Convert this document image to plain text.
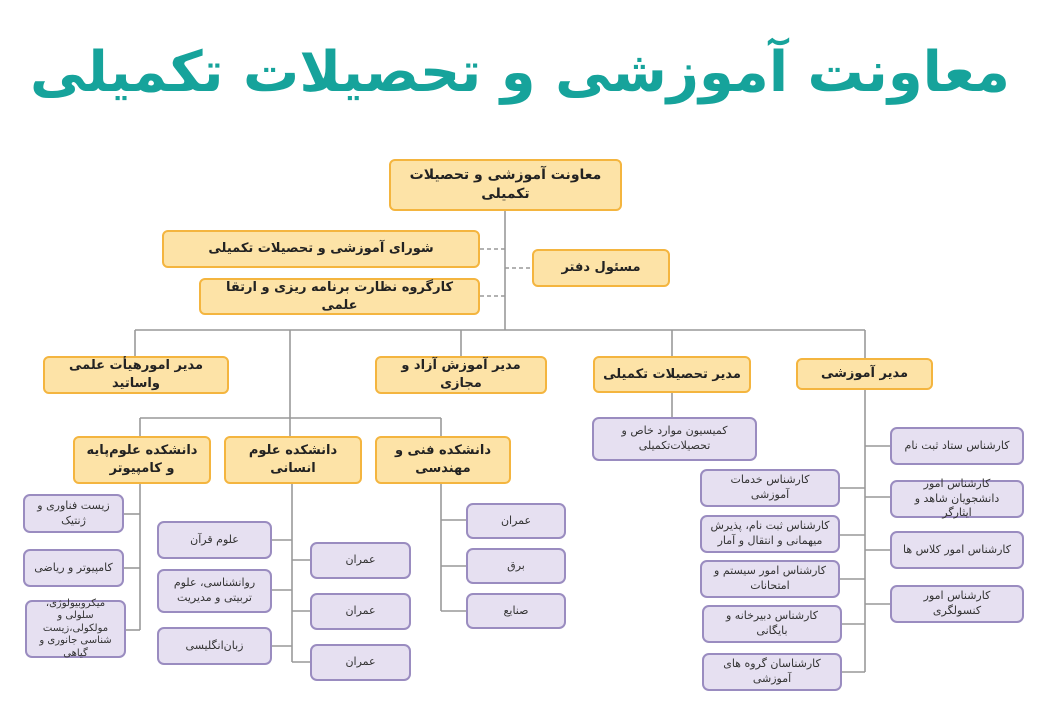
معاونت آموزشی و تحصیلات تکمیلی
معاونت آموزشی و تحصیلات تکمیلی
شورای آموزشی و تحصیلات تکمیلی
کارگروه نظارت برنامه ریزی و ارتقا علمی
مسئول دفتر
مدیر آموزشی
مدیر تحصیلات تکمیلی
مدیر آموزش آزاد و مجازی
مدیر امورهیأت علمی واساتید
کمیسیون موارد خاص و تحصیلات‌تکمیلی	کارشناس ستاد ثبت نام
کارشناس امور دانشجویان شاهد و ایثارگر
کارشناس امور کلاس ها
کارشناس امور کنسولگری
کارشناس خدمات آموزشی
کارشناس ثبت نام، پذیرش میهمانی و انتقال و آمار
کارشناس امور سیستم و امتحانات
کارشناس دبیرخانه و بایگانی
کارشناسان گروه های آموزشی
دانشکده فنی و مهندسی
دانشکده علوم انسانی
دانشکده علوم‌پایه و کامپیوتر
عمران
برق
صنایع
عمران
عمران
عمران
علوم قرآن
روانشناسی، علوم تربیتی و مدیریت
زبان‌انگلیسی
زیست فناوری و ژنتیک
کامپیوتر و ریاضی
میکروبیولوژی، سلولی و مولکولی،زیست شناسی جانوری و گیاهی
